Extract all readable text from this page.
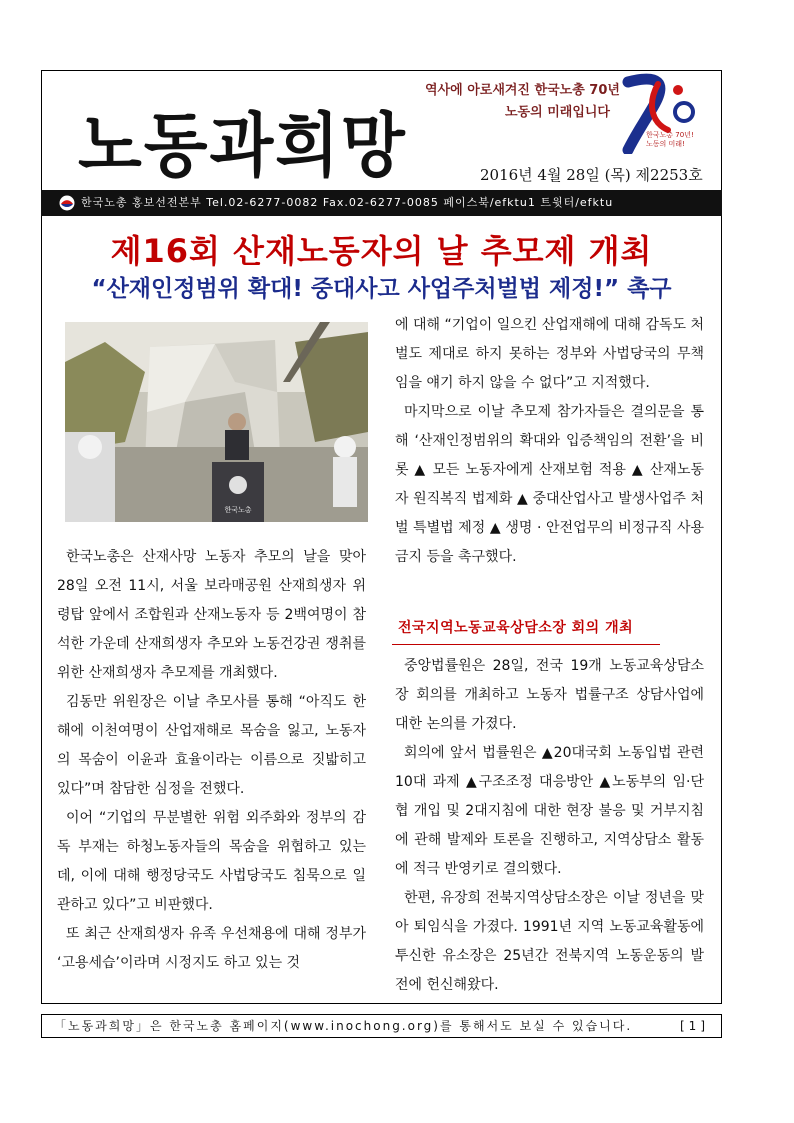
노동과희망
역사에 아로새겨진 한국노총 70년
노동의 미래입니다
한국노총 70년!
노동의 미래!
2016년 4월 28일 (목) 제2253호
한국노총 홍보선전본부 Tel.02-6277-0082 Fax.02-6277-0085 페이스북/efktu1 트윗터/efktu
제16회 산재노동자의 날 추모제 개최
“산재인정범위 확대! 중대사고 사업주처벌법 제정!” 촉구
한국노총

한국노총은 산재사망 노동자 추모의 날을 맞아 28일 오전 11시, 서울 보라매공원 산재희생자 위령탑 앞에서 조합원과 산재노동자 등 2백여명이 참석한 가운데 산재희생자 추모와 노동건강권 쟁취를 위한 산재희생자 추모제를 개최했다.

김동만 위원장은 이날 추모사를 통해 “아직도 한해에 이천여명이 산업재해로 목숨을 잃고, 노동자의 목숨이 이윤과 효율이라는 이름으로 짓밟히고 있다”며 참담한 심정을 전했다.

이어 “기업의 무분별한 위험 외주화와 정부의 감독 부재는 하청노동자들의 목숨을 위협하고 있는데, 이에 대해 행정당국도 사법당국도 침묵으로 일관하고 있다”고 비판했다.

또 최근 산재희생자 유족 우선채용에 대해 정부가 ‘고용세습’이라며 시정지도 하고 있는 것

에 대해 “기업이 일으킨 산업재해에 대해 감독도 처벌도 제대로 하지 못하는 정부와 사법당국의 무책임을 얘기 하지 않을 수 없다”고 지적했다.

마지막으로 이날 추모제 참가자들은 결의문을 통해 ‘산재인정범위의 확대와 입증책임의 전환’을 비롯 ▲ 모든 노동자에게 산재보험 적용 ▲ 산재노동자 원직복직 법제화 ▲ 중대산업사고 발생사업주 처벌 특별법 제정 ▲ 생명 · 안전업무의 비정규직 사용 금지 등을 촉구했다.

전국지역노동교육상담소장 회의 개최

중앙법률원은 28일, 전국 19개 노동교육상담소장 회의를 개최하고 노동자 법률구조 상담사업에 대한 논의를 가졌다.

회의에 앞서 법률원은 ▲20대국회 노동입법 관련 10대 과제 ▲구조조정 대응방안 ▲노동부의 임·단협 개입 및 2대지침에 대한 현장 불응 및 거부지침에 관해 발제와 토론을 진행하고, 지역상담소 활동에 적극 반영키로 결의했다.

한편, 유장희 전북지역상담소장은 이날 정년을 맞아 퇴임식을 가졌다. 1991년 지역 노동교육활동에 투신한 유소장은 25년간 전북지역 노동운동의 발전에 헌신해왔다.

「노동과희망」은 한국노총 홈페이지(www.inochong.org)를 통해서도 보실 수 있습니다.	[1]
